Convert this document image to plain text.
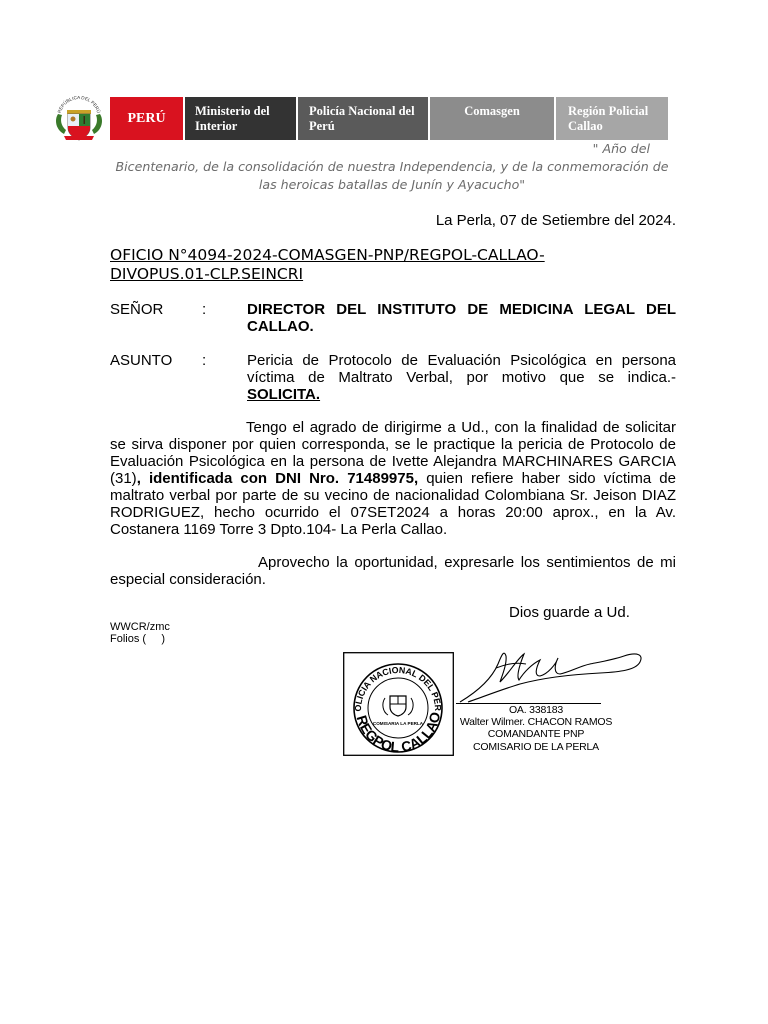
REPÚBLICA DEL PERÚ	PERÚ	Ministerio del Interior
Policía Nacional del Perú
Comasgen	Región Policial Callao
" Año del
Bicentenario, de la consolidación de nuestra Independencia, y de la conmemoración de las heroicas batallas de Junín y Ayacucho"
La Perla, 07 de Setiembre del 2024.
OFICIO N°4094-2024-COMASGEN-PNP/REGPOL-CALLAO-
DIVOPUS.01-CLP.SEINCRI
SEÑOR	:	DIRECTOR DEL INSTITUTO DE MEDICINA LEGAL DEL CALLAO.
ASUNTO :	Pericia de Protocolo de Evaluación Psicológica en persona víctima de Maltrato Verbal, por motivo que se indica.- SOLICITA.
Tengo el agrado de dirigirme a Ud., con la finalidad de solicitar se sirva disponer por quien corresponda, se le practique la pericia de Protocolo de Evaluación Psicológica en la persona de Ivette Alejandra MARCHINARES GARCIA (31), identificada con DNI Nro. 71489975, quien refiere haber sido víctima de maltrato verbal por parte de su vecino de nacionalidad Colombiana Sr. Jeison DIAZ RODRIGUEZ, hecho ocurrido el 07SET2024 a horas 20:00 aprox., en la Av. Costanera 1169 Torre 3 Dpto.104- La Perla Callao.
Aprovecho la oportunidad, expresarle los sentimientos de mi especial consideración.
Dios guarde a Ud.
WWCR/zmc
Folios (     )
OLICIA NACIONAL DEL PER
REGPOL CALLAO
COMISARIA LA PERLA
OA. 338183
Walter Wilmer. CHACON RAMOS
COMANDANTE PNP
COMISARIO DE LA PERLA
